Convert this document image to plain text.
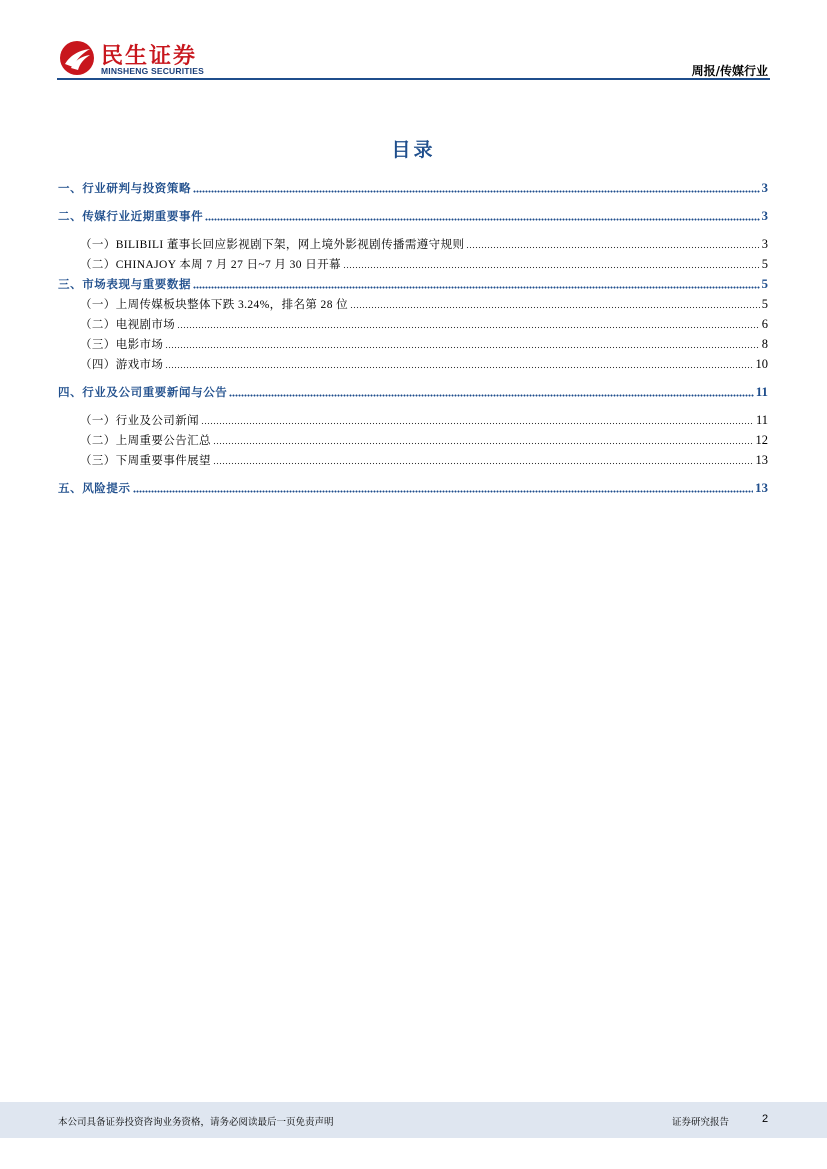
民生证券
MINSHENG SECURITIES	周报/传媒行业
目录
一、行业研判与投资策略	3
二、传媒行业近期重要事件	3
（一）BILIBILI 董事长回应影视剧下架，网上境外影视剧传播需遵守规则	3
（二）CHINAJOY 本周 7 月 27 日~7 月 30 日开幕	5
三、市场表现与重要数据	5
（一）上周传媒板块整体下跌 3.24%，排名第 28 位	5
（二）电视剧市场	6
（三）电影市场	8
（四）游戏市场	10
四、行业及公司重要新闻与公告	11
（一）行业及公司新闻	11
（二）上周重要公告汇总	12
（三）下周重要事件展望	13
五、风险提示	13
本公司具备证券投资咨询业务资格，请务必阅读最后一页免责声明	证券研究报告	2
